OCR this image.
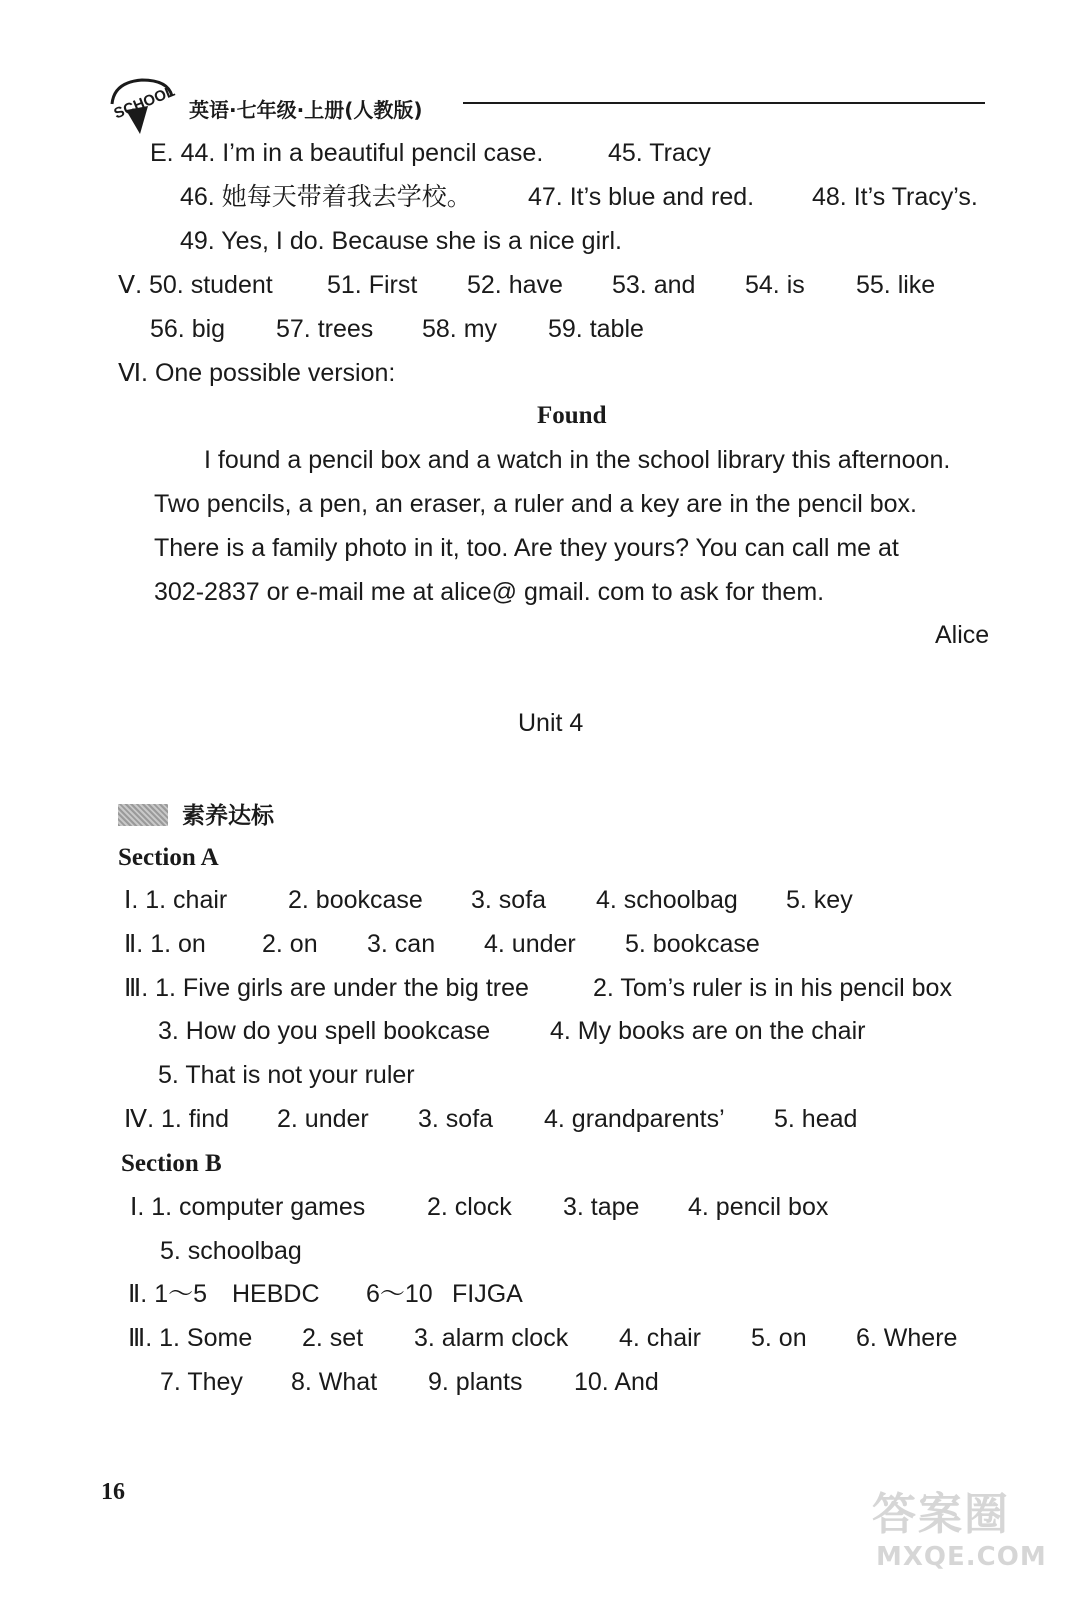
SCHOOL 英语·七年级·上册(人教版)
E. 44. I’m in a beautiful pencil case.	45. Tracy
46. 她每天带着我去学校。 47. It’s blue and red. 48. It’s Tracy’s.
49. Yes, I do. Because she is a nice girl.
Ⅴ. 50. student 51. First 52. have 53. and 54. is 55. like
56. big 57. trees 58. my 59. table
Ⅵ. One possible version:
Found
I found a pencil box and a watch in the school library this afternoon.
Two pencils, a pen, an eraser, a ruler and a key are in the pencil box.
There is a family photo in it, too. Are they yours? You can call me at
302-2837 or e-mail me at alice@ gmail. com to ask for them.
Alice
Unit 4
素养达标
Section A
Ⅰ. 1. chair 2. bookcase 3. sofa 4. schoolbag 5. key
Ⅱ. 1. on 2. on 3. can 4. under 5. bookcase
Ⅲ. 1. Five girls are under the big tree	2. Tom’s ruler is in his pencil box
3. How do you spell bookcase 4. My books are on the chair
5. That is not your ruler
Ⅳ. 1. find 2. under 3. sofa 4. grandparents’ 5. head
Section B
Ⅰ. 1. computer games 2. clock 3. tape 4. pencil box
5. schoolbag
Ⅱ. 1～5 HEBDC 6～10 FIJGA
Ⅲ. 1. Some 2. set 3. alarm clock 4. chair 5. on 6. Where
7. They 8. What 9. plants 10. And
16	答案圈
MXQE.COM
